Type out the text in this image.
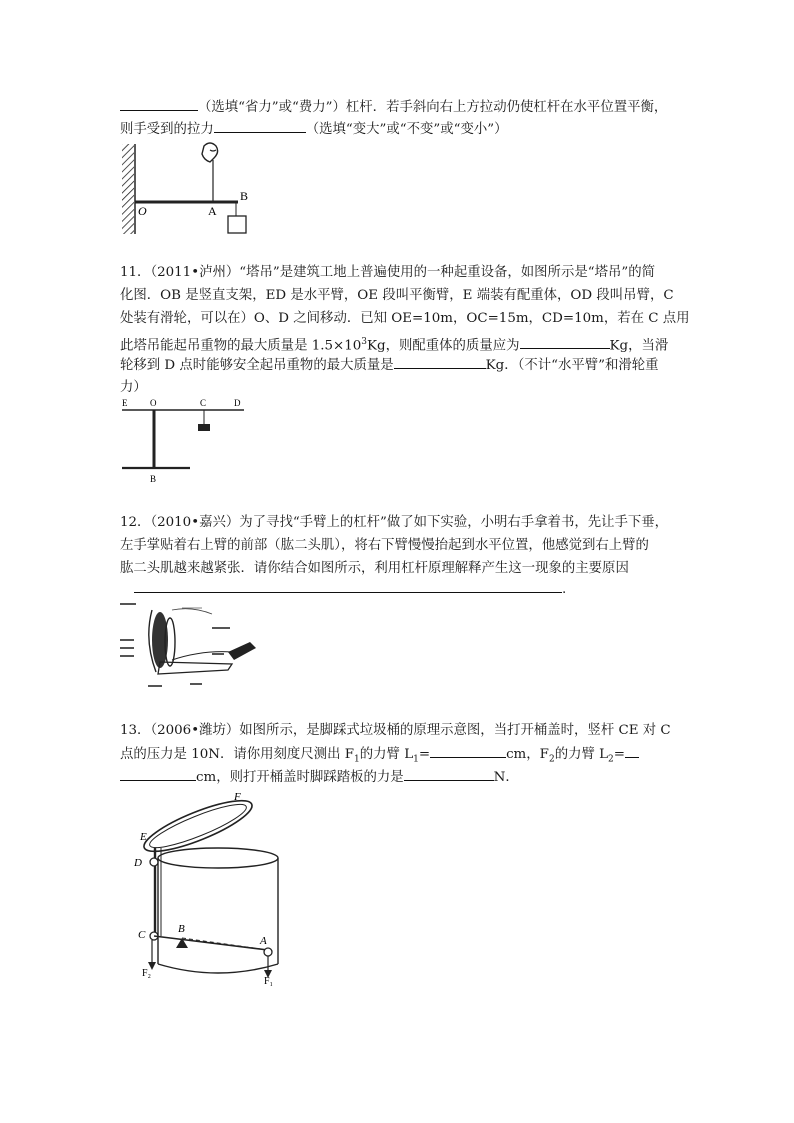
（选填“省力”或“费力”）杠杆．若手斜向右上方拉动仍使杠杆在水平位置平衡，
则手受到的拉力	（选填“变大”或“不变”或“变小”）
O	A
B
11．（2011•泸州）“塔吊”是建筑工地上普遍使用的一种起重设备，如图所示是“塔吊”的简
化图．OB 是竖直支架，ED 是水平臂，OE 段叫平衡臂，E 端装有配重体，OD 段叫吊臂，C
处装有滑轮，可以在）O、D 之间移动．已知 OE=10m，OC=15m，CD=10m，若在 C 点用
此塔吊能起吊重物的最大质量是 $1.5\times 10^3Kg$，则配重体的质量应为	Kg，当滑
轮移到 D 点时能够安全起吊重物的最大质量是	Kg．（不计“水平臂”和滑轮重
力）
E	O	C	D
B
12．（2010•嘉兴）为了寻找“手臂上的杠杆”做了如下实验，小明右手拿着书，先让手下垂，
左手掌贴着右上臂的前部（肱二头肌），将右下臂慢慢抬起到水平位置，他感觉到右上臂的
肱二头肌越来越紧张．请你结合如图所示，利用杠杆原理解释产生这一现象的主要原因
.
13．（2006•潍坊）如图所示，是脚踩式垃圾桶的原理示意图，当打开桶盖时，竖杆 CE 对 C
点的压力是 10N．请你用刻度尺测出 $F_1$的力臂 $L_1=$	cm，$F_2$的力臂 $L_2=$
cm，则打开桶盖时脚踩踏板的力是	N．
F
E
D
C	B
A
F₂
F₁
